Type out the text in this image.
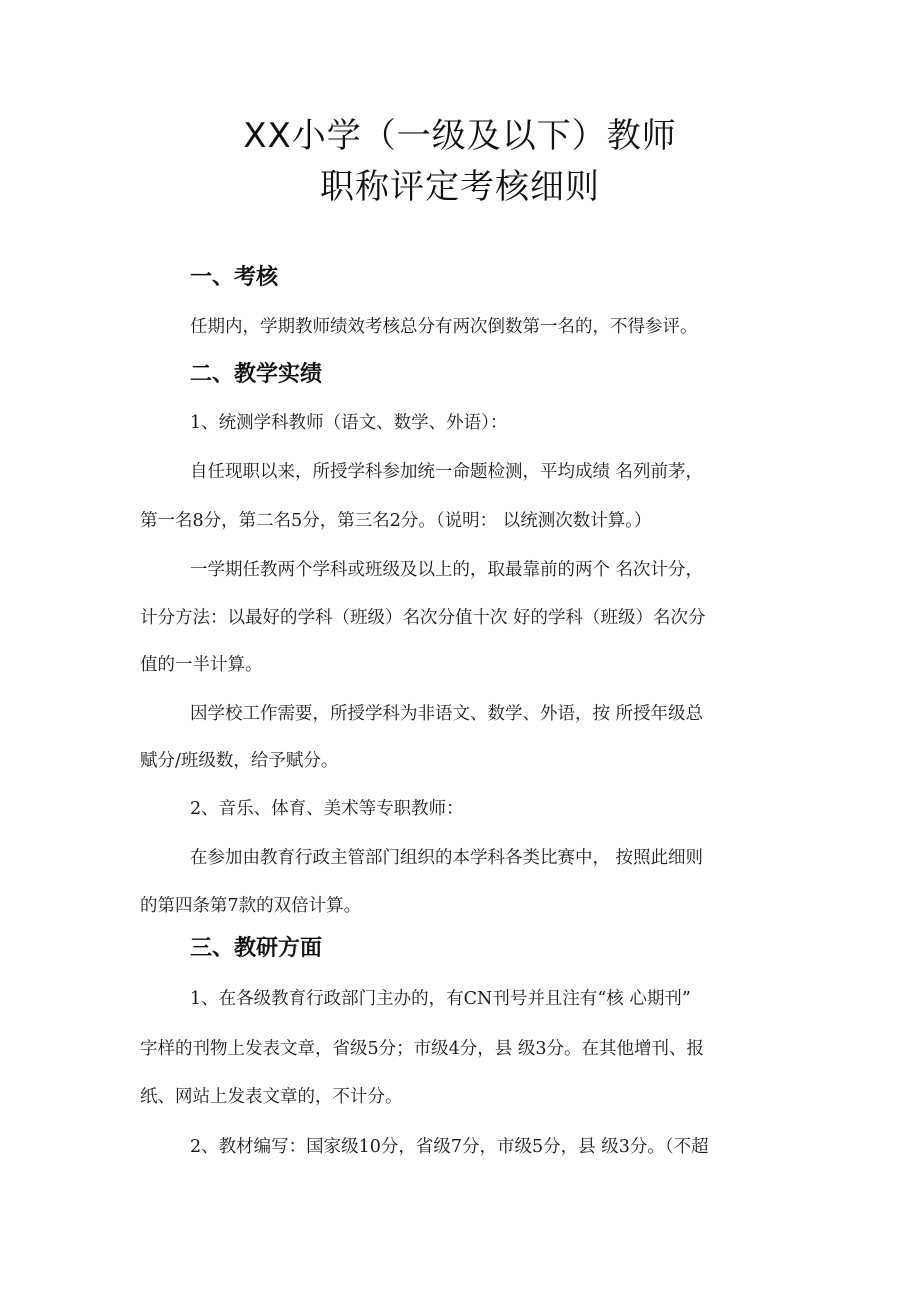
XX小学（一级及以下）教师
职称评定考核细则
一、考核

任期内，学期教师绩效考核总分有两次倒数第一名的，不得参评。

二、教学实绩

1、统测学科教师（语文、数学、外语）：

自任现职以来，所授学科参加统一命题检测，平均成绩 名列前茅，

第一名8分，第二名5分，第三名2分。（说明： 以统测次数计算。）

一学期任教两个学科或班级及以上的，取最靠前的两个 名次计分，

计分方法：以最好的学科（班级）名次分值十次 好的学科（班级）名次分

值的一半计算。

因学校工作需要，所授学科为非语文、数学、外语，按 所授年级总

赋分/班级数，给予赋分。

2、音乐、体育、美术等专职教师：

在参加由教育行政主管部门组织的本学科各类比赛中， 按照此细则

的第四条第7款的双倍计算。

三、教研方面

1、在各级教育行政部门主办的，有CN刊号并且注有“核 心期刊”

字样的刊物上发表文章，省级5分；市级4分，县 级3分。在其他增刊、报

纸、网站上发表文章的，不计分。

2、教材编写：国家级10分，省级7分，市级5分，县 级3分。（不超
